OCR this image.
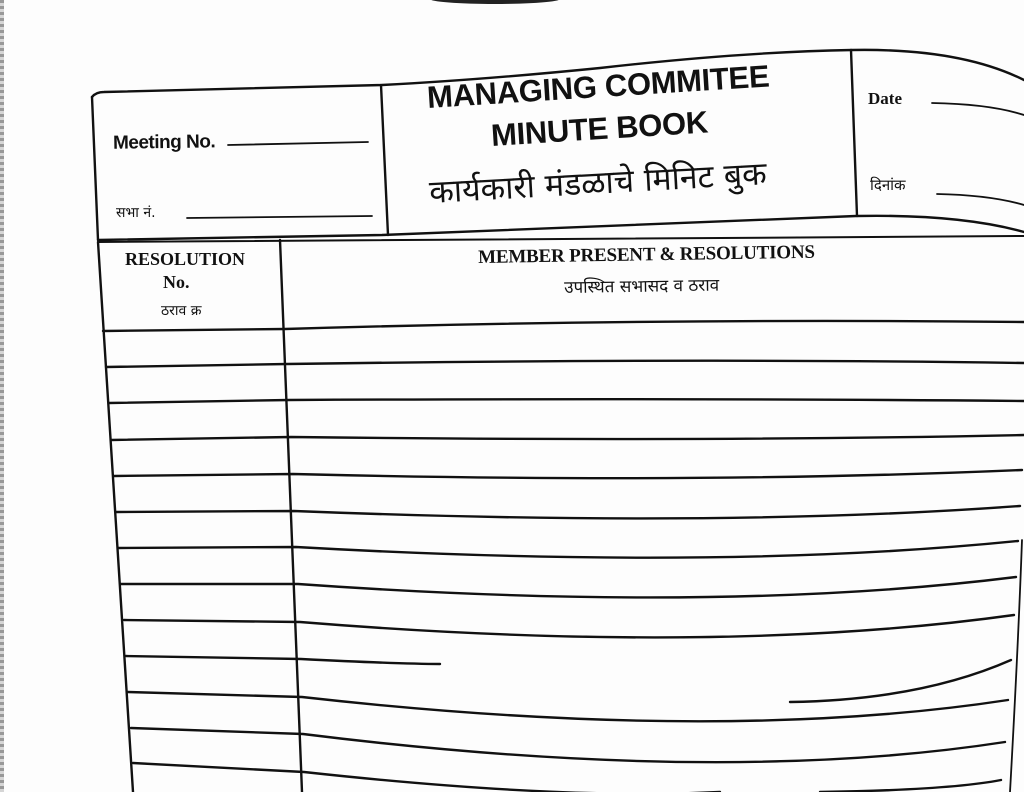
Meeting No.
सभा नं.
MANAGING COMMITEE
MINUTE BOOK
कार्यकारी मंडळाचे मिनिट बुक
Date
दिनांक
RESOLUTION
No.
ठराव क्र
MEMBER PRESENT & RESOLUTIONS
उपस्थित सभासद व ठराव
